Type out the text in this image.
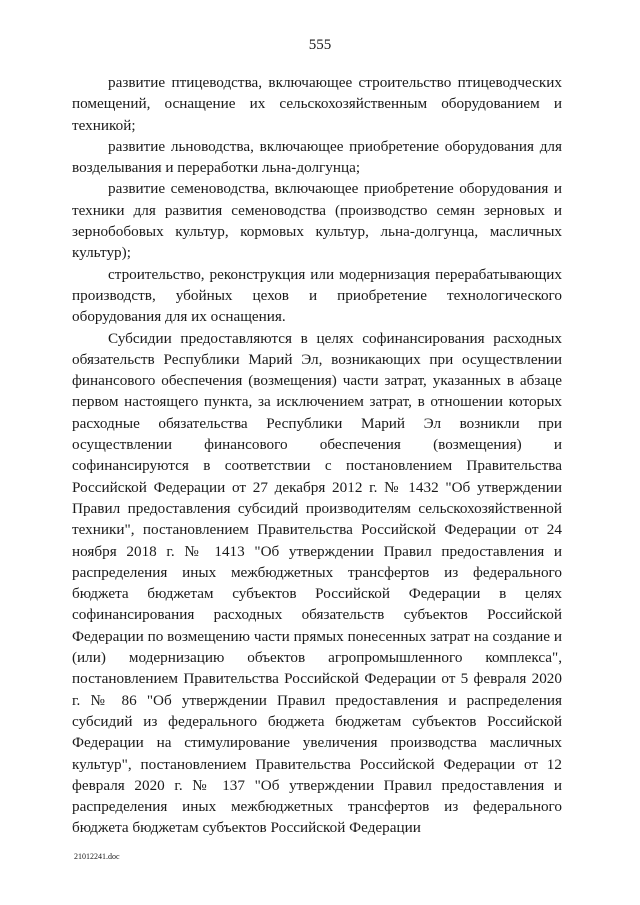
555

развитие птицеводства, включающее строительство птицеводческих помещений, оснащение их сельскохозяйственным оборудованием и техникой;

развитие льноводства, включающее приобретение оборудования для возделывания и переработки льна-долгунца;

развитие семеноводства, включающее приобретение оборудования и техники для развития семеноводства (производство семян зерновых и зернобобовых культур, кормовых культур, льна-долгунца, масличных культур);

строительство, реконструкция или модернизация перерабатывающих производств, убойных цехов и приобретение технологического оборудования для их оснащения.

Субсидии предоставляются в целях софинансирования расходных обязательств Республики Марий Эл, возникающих при осуществлении финансового обеспечения (возмещения) части затрат, указанных в абзаце первом настоящего пункта, за исключением затрат, в отношении которых расходные обязательства Республики Марий Эл возникли при осуществлении финансового обеспечения (возмещения) и софинансируются в соответствии с постановлением Правительства Российской Федерации от 27 декабря 2012 г. № 1432 "Об утверждении Правил предоставления субсидий производителям сельскохозяйственной техники", постановлением Правительства Российской Федерации от 24 ноября 2018 г. № 1413 "Об утверждении Правил предоставления и распределения иных межбюджетных трансфертов из федерального бюджета бюджетам субъектов Российской Федерации в целях софинансирования расходных обязательств субъектов Российской Федерации по возмещению части прямых понесенных затрат на создание и (или) модернизацию объектов агропромышленного комплекса", постановлением Правительства Российской Федерации от 5 февраля 2020 г. № 86 "Об утверждении Правил предоставления и распределения субсидий из федерального бюджета бюджетам субъектов Российской Федерации на стимулирование увеличения производства масличных культур", постановлением Правительства Российской Федерации от 12 февраля 2020 г. № 137 "Об утверждении Правил предоставления и распределения иных межбюджетных трансфертов из федерального бюджета бюджетам субъектов Российской Федерации

21012241.doc
